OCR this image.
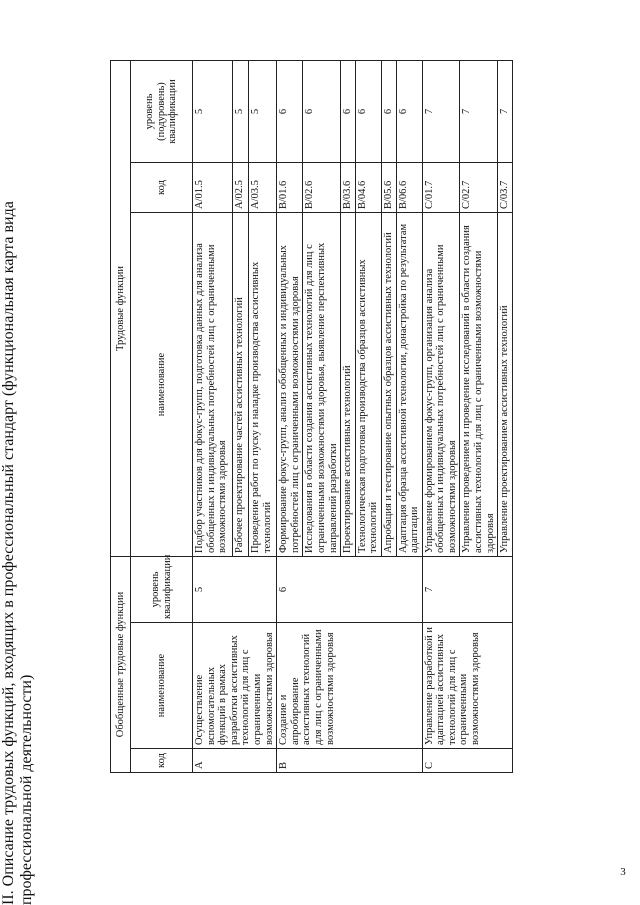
3
II. Описание трудовых функций, входящих в профессиональный стандарт (функциональная карта вида профессиональной деятельности)
Обобщенные трудовые функции			Трудовые функции		
код	наименование	уровень квалификации	наименование	код	уровень (подуровень) квалификации
A	Осуществление вспомогательных функций в рамках разработки ассистивных технологий для лиц с ограниченными возможностями здоровья	5	Подбор участников для фокус-групп, подготовка данных для анализа обобщенных и индивидуальных потребностей лиц с ограниченными возможностями здоровья	A/01.5	5
			Рабочее проектирование частей ассистивных технологий	A/02.5	5
			Проведение работ по пуску и наладке производства ассистивных технологий	A/03.5	5
B	Создание и апробирование ассистивных технологий для лиц с ограниченными возможностями здоровья	6	Формирование фокус-групп, анализ обобщенных и индивидуальных потребностей лиц с ограниченными возможностями здоровья	B/01.6	6
			Исследования в области создания ассистивных технологий для лиц с ограниченными возможностями здоровья, выявление перспективных направлений разработки	B/02.6	6
			Проектирование ассистивных технологий	B/03.6	6
			Технологическая подготовка производства образцов ассистивных технологий	B/04.6	6
			Апробация и тестирование опытных образцов ассистивных технологий	B/05.6	6
			Адаптация образца ассистивной технологии, донастройка по результатам адаптации	B/06.6	6
C	Управление разработкой и адаптацией ассистивных технологий для лиц с ограниченными возможностями здоровья	7	Управление формированием фокус-групп, организация анализа обобщенных и индивидуальных потребностей лиц с ограниченными возможностями здоровья	C/01.7	7
			Управление проведением и проведение исследований в области создания ассистивных технологий для лиц с ограниченными возможностями здоровья	C/02.7	7
			Управление проектированием ассистивных технологий	C/03.7	7
